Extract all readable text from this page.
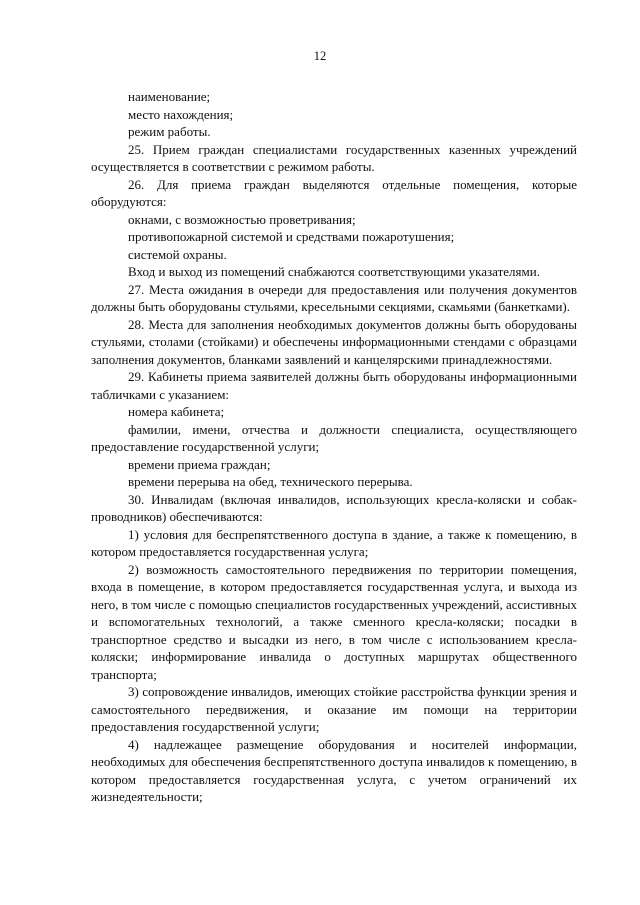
12

наименование;

место нахождения;

режим работы.

25. Прием граждан специалистами государственных казенных учреждений осуществляется в соответствии с режимом работы.

26. Для приема граждан выделяются отдельные помещения, которые оборудуются:

окнами, с возможностью проветривания;

противопожарной системой и средствами пожаротушения;

системой охраны.

Вход и выход из помещений снабжаются соответствующими указателями.

27. Места ожидания в очереди для предоставления или получения документов должны быть оборудованы стульями, кресельными секциями, скамьями (банкетками).

28. Места для заполнения необходимых документов должны быть оборудованы стульями, столами (стойками) и обеспечены информационными стендами с образцами заполнения документов, бланками заявлений и канцелярскими принадлежностями.

29. Кабинеты приема заявителей должны быть оборудованы информационными табличками с указанием:

номера кабинета;

фамилии, имени, отчества и должности специалиста, осуществляющего предоставление государственной услуги;

времени приема граждан;

времени перерыва на обед, технического перерыва.

30. Инвалидам (включая инвалидов, использующих кресла-коляски и собак-проводников) обеспечиваются:

1) условия для беспрепятственного доступа в здание, а также к помещению, в котором предоставляется государственная услуга;

2) возможность самостоятельного передвижения по территории помещения, входа в помещение, в котором предоставляется государственная услуга, и выхода из него, в том числе с помощью специалистов государственных учреждений, ассистивных и вспомогательных технологий, а также сменного кресла-коляски; посадки в транспортное средство и высадки из него, в том числе с использованием кресла-коляски; информирование инвалида о доступных маршрутах общественного транспорта;

3) сопровождение инвалидов, имеющих стойкие расстройства функции зрения и самостоятельного передвижения, и оказание им помощи на территории предоставления государственной услуги;

4) надлежащее размещение оборудования и носителей информации, необходимых для обеспечения беспрепятственного доступа инвалидов к помещению, в котором предоставляется государственная услуга, с учетом ограничений их жизнедеятельности;
